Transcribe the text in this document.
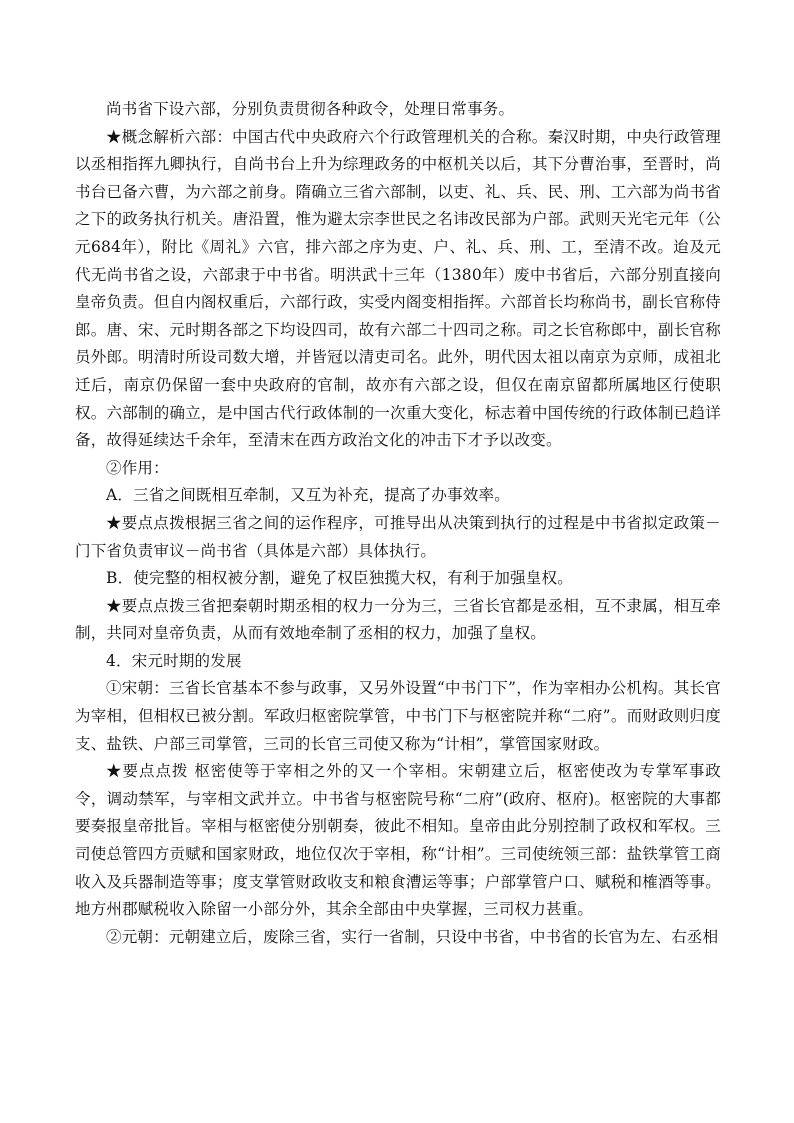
尚书省下设六部，分别负责贯彻各种政令，处理日常事务。

★概念解析六部：中国古代中央政府六个行政管理机关的合称。秦汉时期，中央行政管理以丞相指挥九卿执行，自尚书台上升为综理政务的中枢机关以后，其下分曹治事，至晋时，尚书台已备六曹，为六部之前身。隋确立三省六部制，以吏、礼、兵、民、刑、工六部为尚书省之下的政务执行机关。唐沿置，惟为避太宗李世民之名讳改民部为户部。武则天光宅元年（公元684年），附比《周礼》六官，排六部之序为吏、户、礼、兵、刑、工，至清不改。迨及元代无尚书省之设，六部隶于中书省。明洪武十三年（1380年）废中书省后，六部分别直接向皇帝负责。但自内阁权重后，六部行政，实受内阁变相指挥。六部首长均称尚书，副长官称侍郎。唐、宋、元时期各部之下均设四司，故有六部二十四司之称。司之长官称郎中，副长官称员外郎。明清时所设司数大增，并皆冠以清吏司名。此外，明代因太祖以南京为京师，成祖北迁后，南京仍保留一套中央政府的官制，故亦有六部之设，但仅在南京留都所属地区行使职权。六部制的确立，是中国古代行政体制的一次重大变化，标志着中国传统的行政体制已趋详备，故得延续达千余年，至清末在西方政治文化的冲击下才予以改变。

②作用：

A．三省之间既相互牵制，又互为补充，提高了办事效率。

★要点点拨根据三省之间的运作程序，可推导出从决策到执行的过程是中书省拟定政策－门下省负责审议－尚书省（具体是六部）具体执行。

B．使完整的相权被分割，避免了权臣独揽大权，有利于加强皇权。

★要点点拨三省把秦朝时期丞相的权力一分为三，三省长官都是丞相，互不隶属，相互牵制，共同对皇帝负责，从而有效地牵制了丞相的权力，加强了皇权。

4．宋元时期的发展

①宋朝：三省长官基本不参与政事，又另外设置“中书门下”，作为宰相办公机构。其长官为宰相，但相权已被分割。军政归枢密院掌管，中书门下与枢密院并称“二府”。而财政则归度支、盐铁、户部三司掌管，三司的长官三司使又称为“计相”，掌管国家财政。

★要点点拨 枢密使等于宰相之外的又一个宰相。宋朝建立后，枢密使改为专掌军事政令，调动禁军，与宰相文武并立。中书省与枢密院号称“二府”(政府、枢府)。枢密院的大事都要奏报皇帝批旨。宰相与枢密使分别朝奏，彼此不相知。皇帝由此分别控制了政权和军权。三司使总管四方贡赋和国家财政，地位仅次于宰相，称“计相”。三司使统领三部：盐铁掌管工商收入及兵器制造等事；度支掌管财政收支和粮食漕运等事；户部掌管户口、赋税和榷酒等事。地方州郡赋税收入除留一小部分外，其余全部由中央掌握，三司权力甚重。

②元朝：元朝建立后，废除三省，实行一省制，只设中书省，中书省的长官为左、右丞相
